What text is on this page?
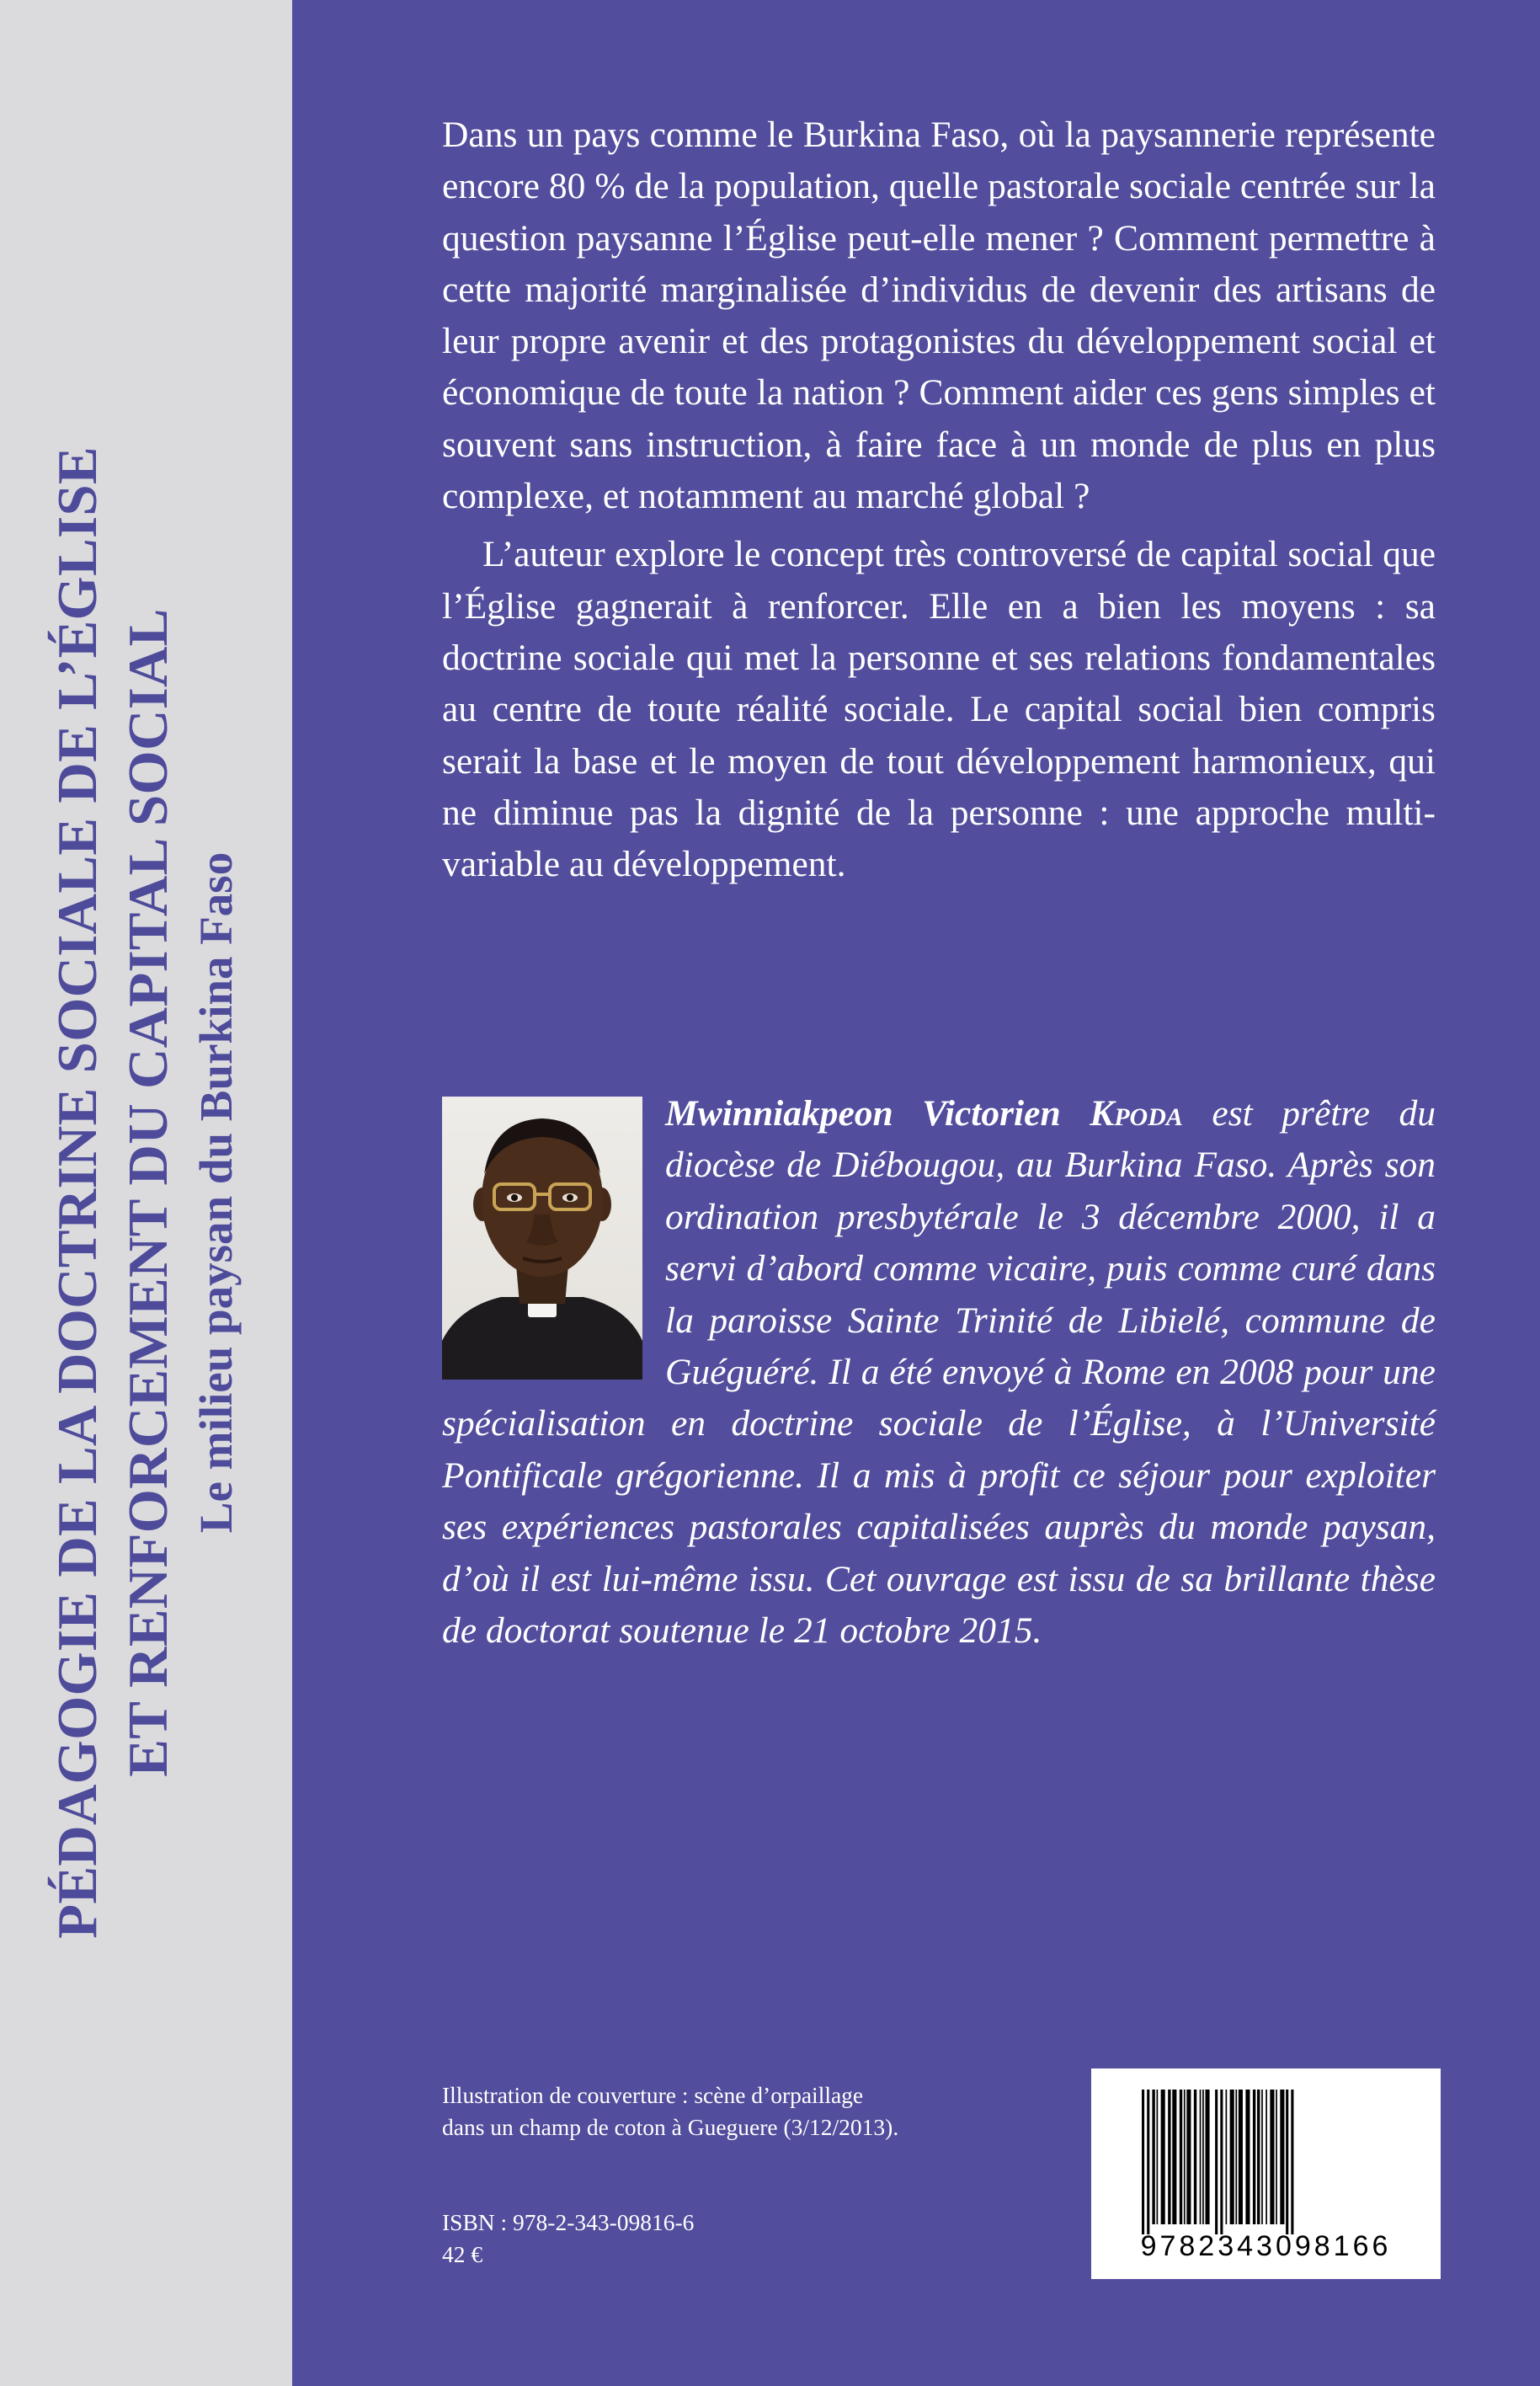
PÉDAGOGIE DE LA DOCTRINE SOCIALE DE L’ÉGLISE ET RENFORCEMENT DU CAPITAL SOCIAL Le milieu paysan du Burkina Faso

Dans un pays comme le Burkina Faso, où la paysannerie représente encore 80 % de la population, quelle pastorale sociale centrée sur la question paysanne l’Église peut-elle mener ? Comment permettre à cette majorité marginalisée d’individus de devenir des artisans de leur propre avenir et des protagonistes du développement social et économique de toute la nation ? Comment aider ces gens simples et souvent sans instruction, à faire face à un monde de plus en plus complexe, et notamment au marché global ?

L’auteur explore le concept très controversé de capital social que l’Église gagnerait à renforcer. Elle en a bien les moyens : sa doctrine sociale qui met la personne et ses relations fondamentales au centre de toute réalité sociale. Le capital social bien compris serait la base et le moyen de tout développement harmonieux, qui ne diminue pas la dignité de la personne : une approche multi-variable au développement.

Mwinniakpeon Victorien Kpoda est prêtre du diocèse de Diébougou, au Burkina Faso. Après son ordination presbytérale le 3 décembre 2000, il a servi d’abord comme vicaire, puis comme curé dans la paroisse Sainte Trinité de Libielé, commune de Guéguéré. Il a été envoyé à Rome en 2008 pour une spécialisation en doctrine sociale de l’Église, à l’Université Pontificale grégorienne. Il a mis à profit ce séjour pour exploiter ses expériences pastorales capitalisées auprès du monde paysan, d’où il est lui-même issu. Cet ouvrage est issu de sa brillante thèse de doctorat soutenue le 21 octobre 2015.
Illustration de couverture : scène d’orpaillage
dans un champ de coton à Gueguere (3/12/2013).
ISBN : 978-2-343-09816-6
42 €	9782343098166
